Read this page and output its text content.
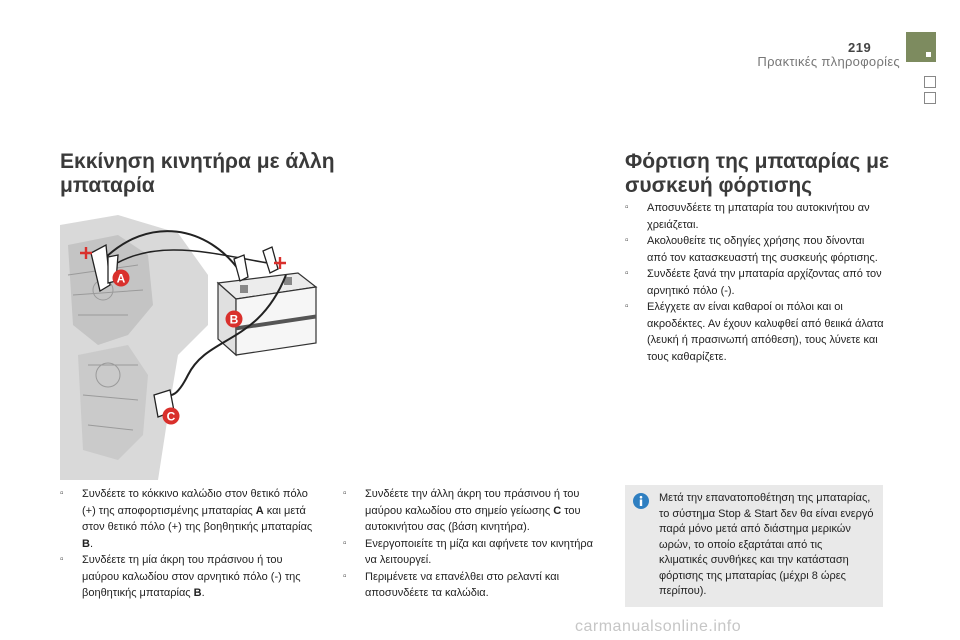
219
Πρακτικές πληροφορίες
Εκκίνηση κινητήρα με άλλη
μπαταρία
A
B
C
▫ Συνδέετε το κόκκινο καλώδιο στον θετικό πόλο (+) της αποφορτισμένης μπαταρίας A και μετά στον θετικό πόλο (+) της βοηθητικής μπαταρίας B.
▫ Συνδέετε τη μία άκρη του πράσινου ή του μαύρου καλωδίου στον αρνητικό πόλο (-) της βοηθητικής μπαταρίας B.
▫ Συνδέετε την άλλη άκρη του πράσινου ή του μαύρου καλωδίου στο σημείο γείωσης C του αυτοκινήτου σας (βάση κινητήρα).
▫ Ενεργοποιείτε τη μίζα και αφήνετε τον κινητήρα να λειτουργεί.
▫ Περιμένετε να επανέλθει στο ρελαντί και αποσυνδέετε τα καλώδια.
Φόρτιση της μπαταρίας με
συσκευή φόρτισης
▫ Αποσυνδέετε τη μπαταρία του αυτοκινήτου αν χρειάζεται.
▫ Ακολουθείτε τις οδηγίες χρήσης που δίνονται από τον κατασκευαστή της συσκευής φόρτισης.
▫ Συνδέετε ξανά την μπαταρία αρχίζοντας από τον αρνητικό πόλο (-).
▫ Ελέγχετε αν είναι καθαροί οι πόλοι και οι ακροδέκτες. Αν έχουν καλυφθεί από θειικά άλατα (λευκή ή πρασινωπή απόθεση), τους λύνετε και τους καθαρίζετε.
Μετά την επανατοποθέτηση της μπαταρίας, το σύστημα Stop & Start δεν θα είναι ενεργό παρά μόνο μετά από διάστημα μερικών ωρών, το οποίο εξαρτάται από τις κλιματικές συνθήκες και την κατάσταση φόρτισης της μπαταρίας (μέχρι 8 ώρες περίπου).
carmanualsonline.info
